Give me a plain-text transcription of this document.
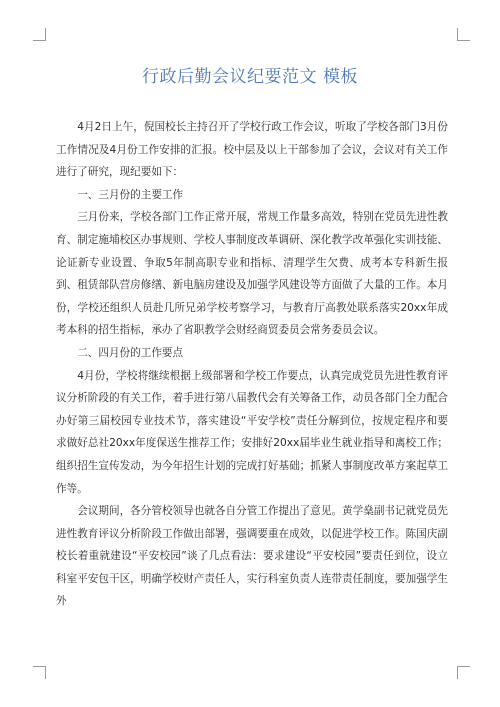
行政后勤会议纪要范文 模板

4月2日上午，倪国校长主持召开了学校行政工作会议，听取了学校各部门3月份工作情况及4月份工作安排的汇报。校中层及以上干部参加了会议，会议对有关工作进行了研究，现纪要如下：

一、三月份的主要工作

三月份来，学校各部门工作正常开展，常规工作量多高效，特别在党员先进性教育、制定施埔校区办事规则、学校人事制度改革调研、深化教学改革强化实训技能、论证新专业设置、争取5年制高职专业和指标、清理学生欠费、成考本专科新生报到、租赁部队营房修缮、新电脑房建设及加强学风建设等方面做了大量的工作。本月份，学校还组织人员赴几所兄弟学校考察学习，与教育厅高教处联系落实20xx年成考本科的招生指标，承办了省职教学会财经商贸委员会常务委员会议。

二、四月份的工作要点

4月份，学校将继续根据上级部署和学校工作要点，认真完成党员先进性教育评议分析阶段的有关工作，着手进行第八届教代会有关筹备工作，动员各部门全力配合办好第三届校园专业技术节，落实建设“平安学校”责任分解到位，按规定程序和要求做好总社20xx年度保送生推荐工作；安排好20xx届毕业生就业指导和离校工作；组织招生宣传发动，为今年招生计划的完成打好基础；抓紧人事制度改革方案起草工作等。

会议期间，各分管校领导也就各自分管工作提出了意见。黄学燊副书记就党员先进性教育评议分析阶段工作做出部署，强调要重在成效，以促进学校工作。陈国庆副校长着重就建设“平安校园”谈了几点看法：要求建设“平安校园”要责任到位，设立科室平安包干区，明确学校财产责任人，实行科室负责人连带责任制度，要加强学生外
